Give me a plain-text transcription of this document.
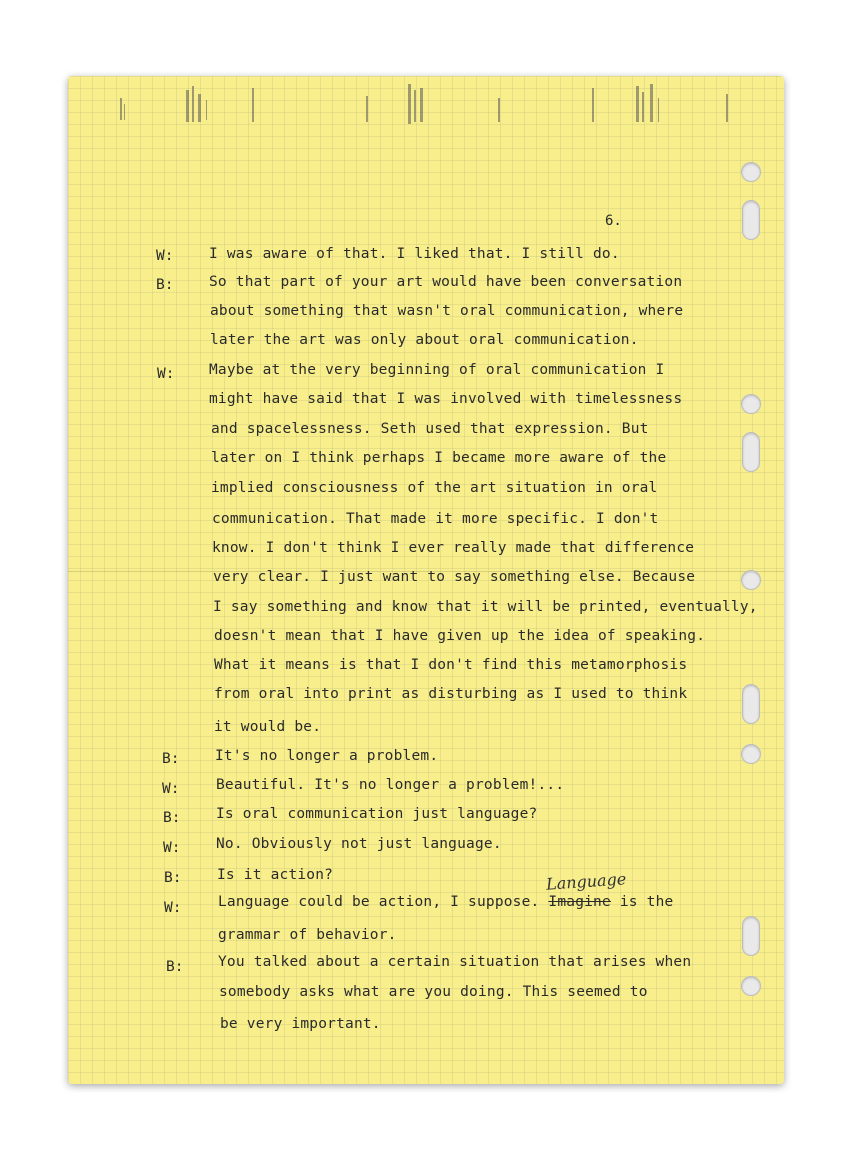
6.
W: I was aware of that. I liked that. I still do.
B: So that part of your art would have been conversation
about something that wasn't oral communication, where
later the art was only about oral communication.
W: Maybe at the very beginning of oral communication I
might have said that I was involved with timelessness
and spacelessness. Seth used that expression. But
later on I think perhaps I became more aware of the
implied consciousness of the art situation in oral
communication. That made it more specific. I don't
know. I don't think I ever really made that difference
very clear. I just want to say something else. Because
I say something and know that it will be printed, eventually,
doesn't mean that I have given up the idea of speaking.
What it means is that I don't find this metamorphosis
from oral into print as disturbing as I used to think
it would be.
B: It's no longer a problem.
W:	Beautiful. It's no longer a problem!...
B: Is oral communication just language?
W: No. Obviously not just language.
B: Is it action?	Language
W:	Language could be action, I suppose. Imagine is the
grammar of behavior.
B: You talked about a certain situation that arises when
somebody asks what are you doing. This seemed to
be very important.
